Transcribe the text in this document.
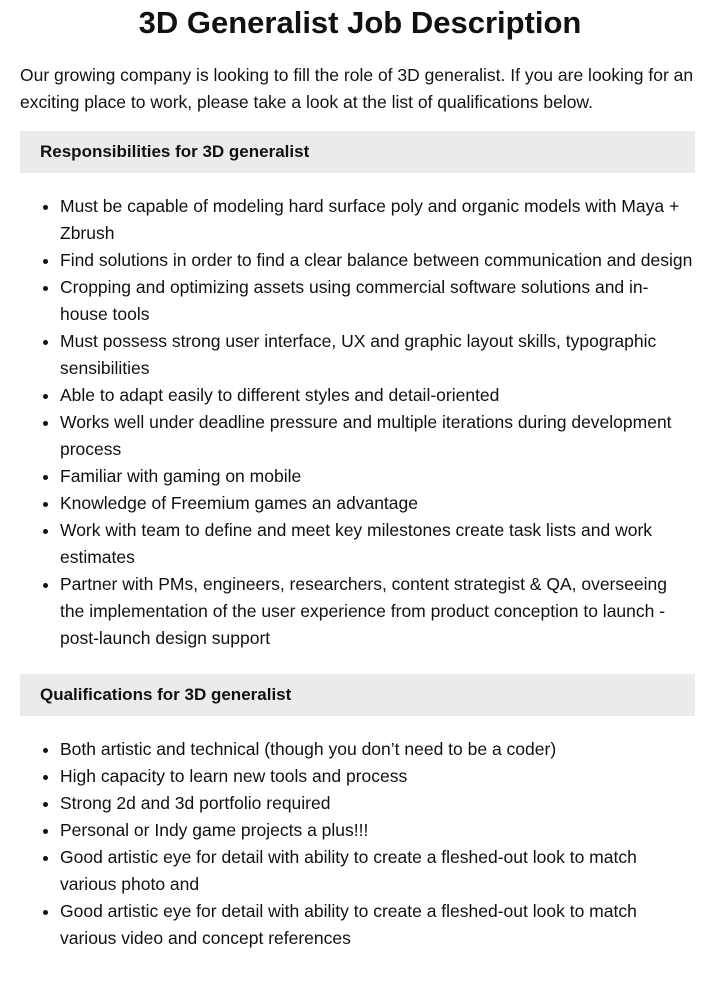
3D Generalist Job Description

Our growing company is looking to fill the role of 3D generalist. If you are looking for an exciting place to work, please take a look at the list of qualifications below.

Responsibilities for 3D generalist
• Must be capable of modeling hard surface poly and organic models with Maya + Zbrush
• Find solutions in order to find a clear balance between communication and design
• Cropping and optimizing assets using commercial software solutions and in-house tools
• Must possess strong user interface, UX and graphic layout skills, typographic sensibilities
• Able to adapt easily to different styles and detail-oriented
• Works well under deadline pressure and multiple iterations during development process
• Familiar with gaming on mobile
• Knowledge of Freemium games an advantage
• Work with team to define and meet key milestones create task lists and work estimates
• Partner with PMs, engineers, researchers, content strategist & QA, overseeing the implementation of the user experience from product conception to launch - post-launch design support
Qualifications for 3D generalist
• Both artistic and technical (though you don’t need to be a coder)
• High capacity to learn new tools and process
• Strong 2d and 3d portfolio required
• Personal or Indy game projects a plus!!!
• Good artistic eye for detail with ability to create a fleshed-out look to match various photo and
• Good artistic eye for detail with ability to create a fleshed-out look to match various video and concept references
